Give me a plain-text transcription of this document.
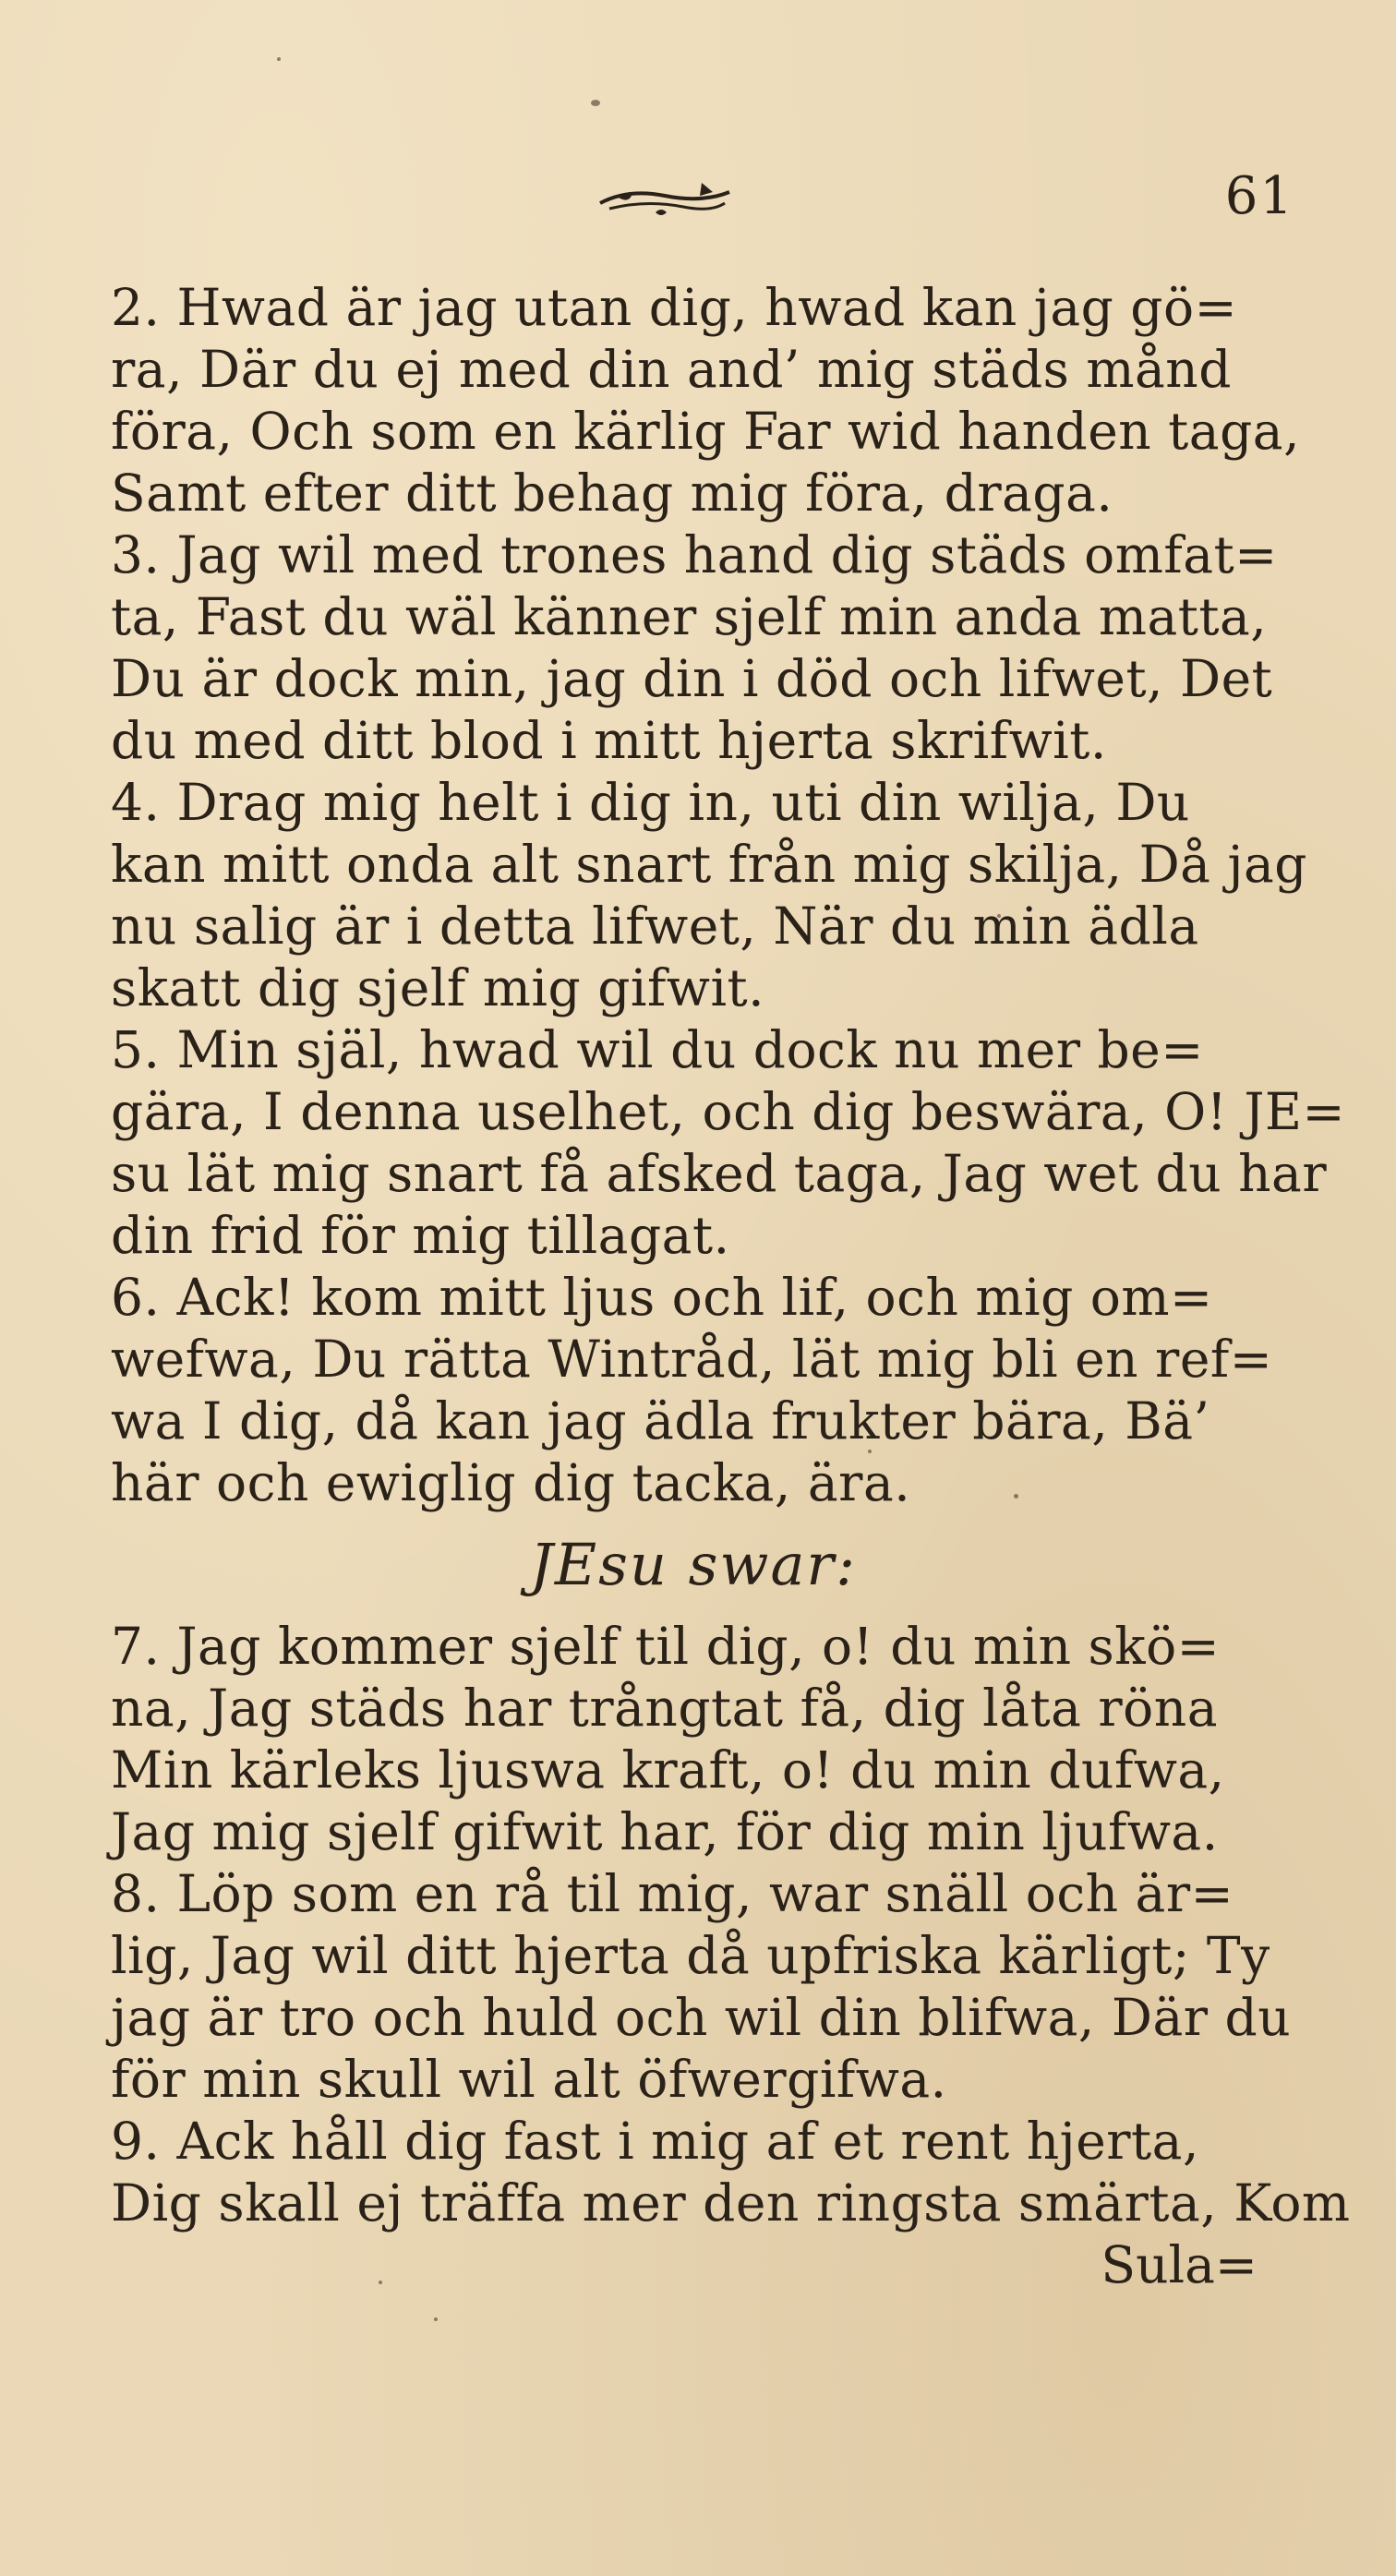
61
2. Hwad är jag utan dig, hwad kan jag gö=
ra, Där du ej med din and’ mig städs månd
föra, Och som en kärlig Far wid handen taga,
Samt efter ditt behag mig föra, draga.
3. Jag wil med trones hand dig städs omfat=
ta, Fast du wäl känner sjelf min anda matta,
Du är dock min, jag din i död och lifwet, Det
du med ditt blod i mitt hjerta skrifwit.
4. Drag mig helt i dig in, uti din wilja, Du
kan mitt onda alt snart från mig skilja, Då jag
nu salig är i detta lifwet, När du min ädla
skatt dig sjelf mig gifwit.
5. Min själ, hwad wil du dock nu mer be=
gära, I denna uselhet, och dig beswära, O! JE=
su lät mig snart få afsked taga, Jag wet du har
din frid för mig tillagat.
6. Ack! kom mitt ljus och lif, och mig om=
wefwa, Du rätta Wintråd, lät mig bli en ref=
wa I dig, då kan jag ädla frukter bära, Bä’
här och ewiglig dig tacka, ära.
JEsu swar:
7. Jag kommer sjelf til dig, o! du min skö=
na, Jag städs har trångtat få, dig låta röna
Min kärleks ljuswa kraft, o! du min dufwa,
Jag mig sjelf gifwit har, för dig min ljufwa.
8. Löp som en rå til mig, war snäll och är=
lig, Jag wil ditt hjerta då upfriska kärligt; Ty
jag är tro och huld och wil din blifwa, Där du
för min skull wil alt öfwergifwa.
9. Ack håll dig fast i mig af et rent hjerta,
Dig skall ej träffa mer den ringsta smärta, Kom
Sula=
